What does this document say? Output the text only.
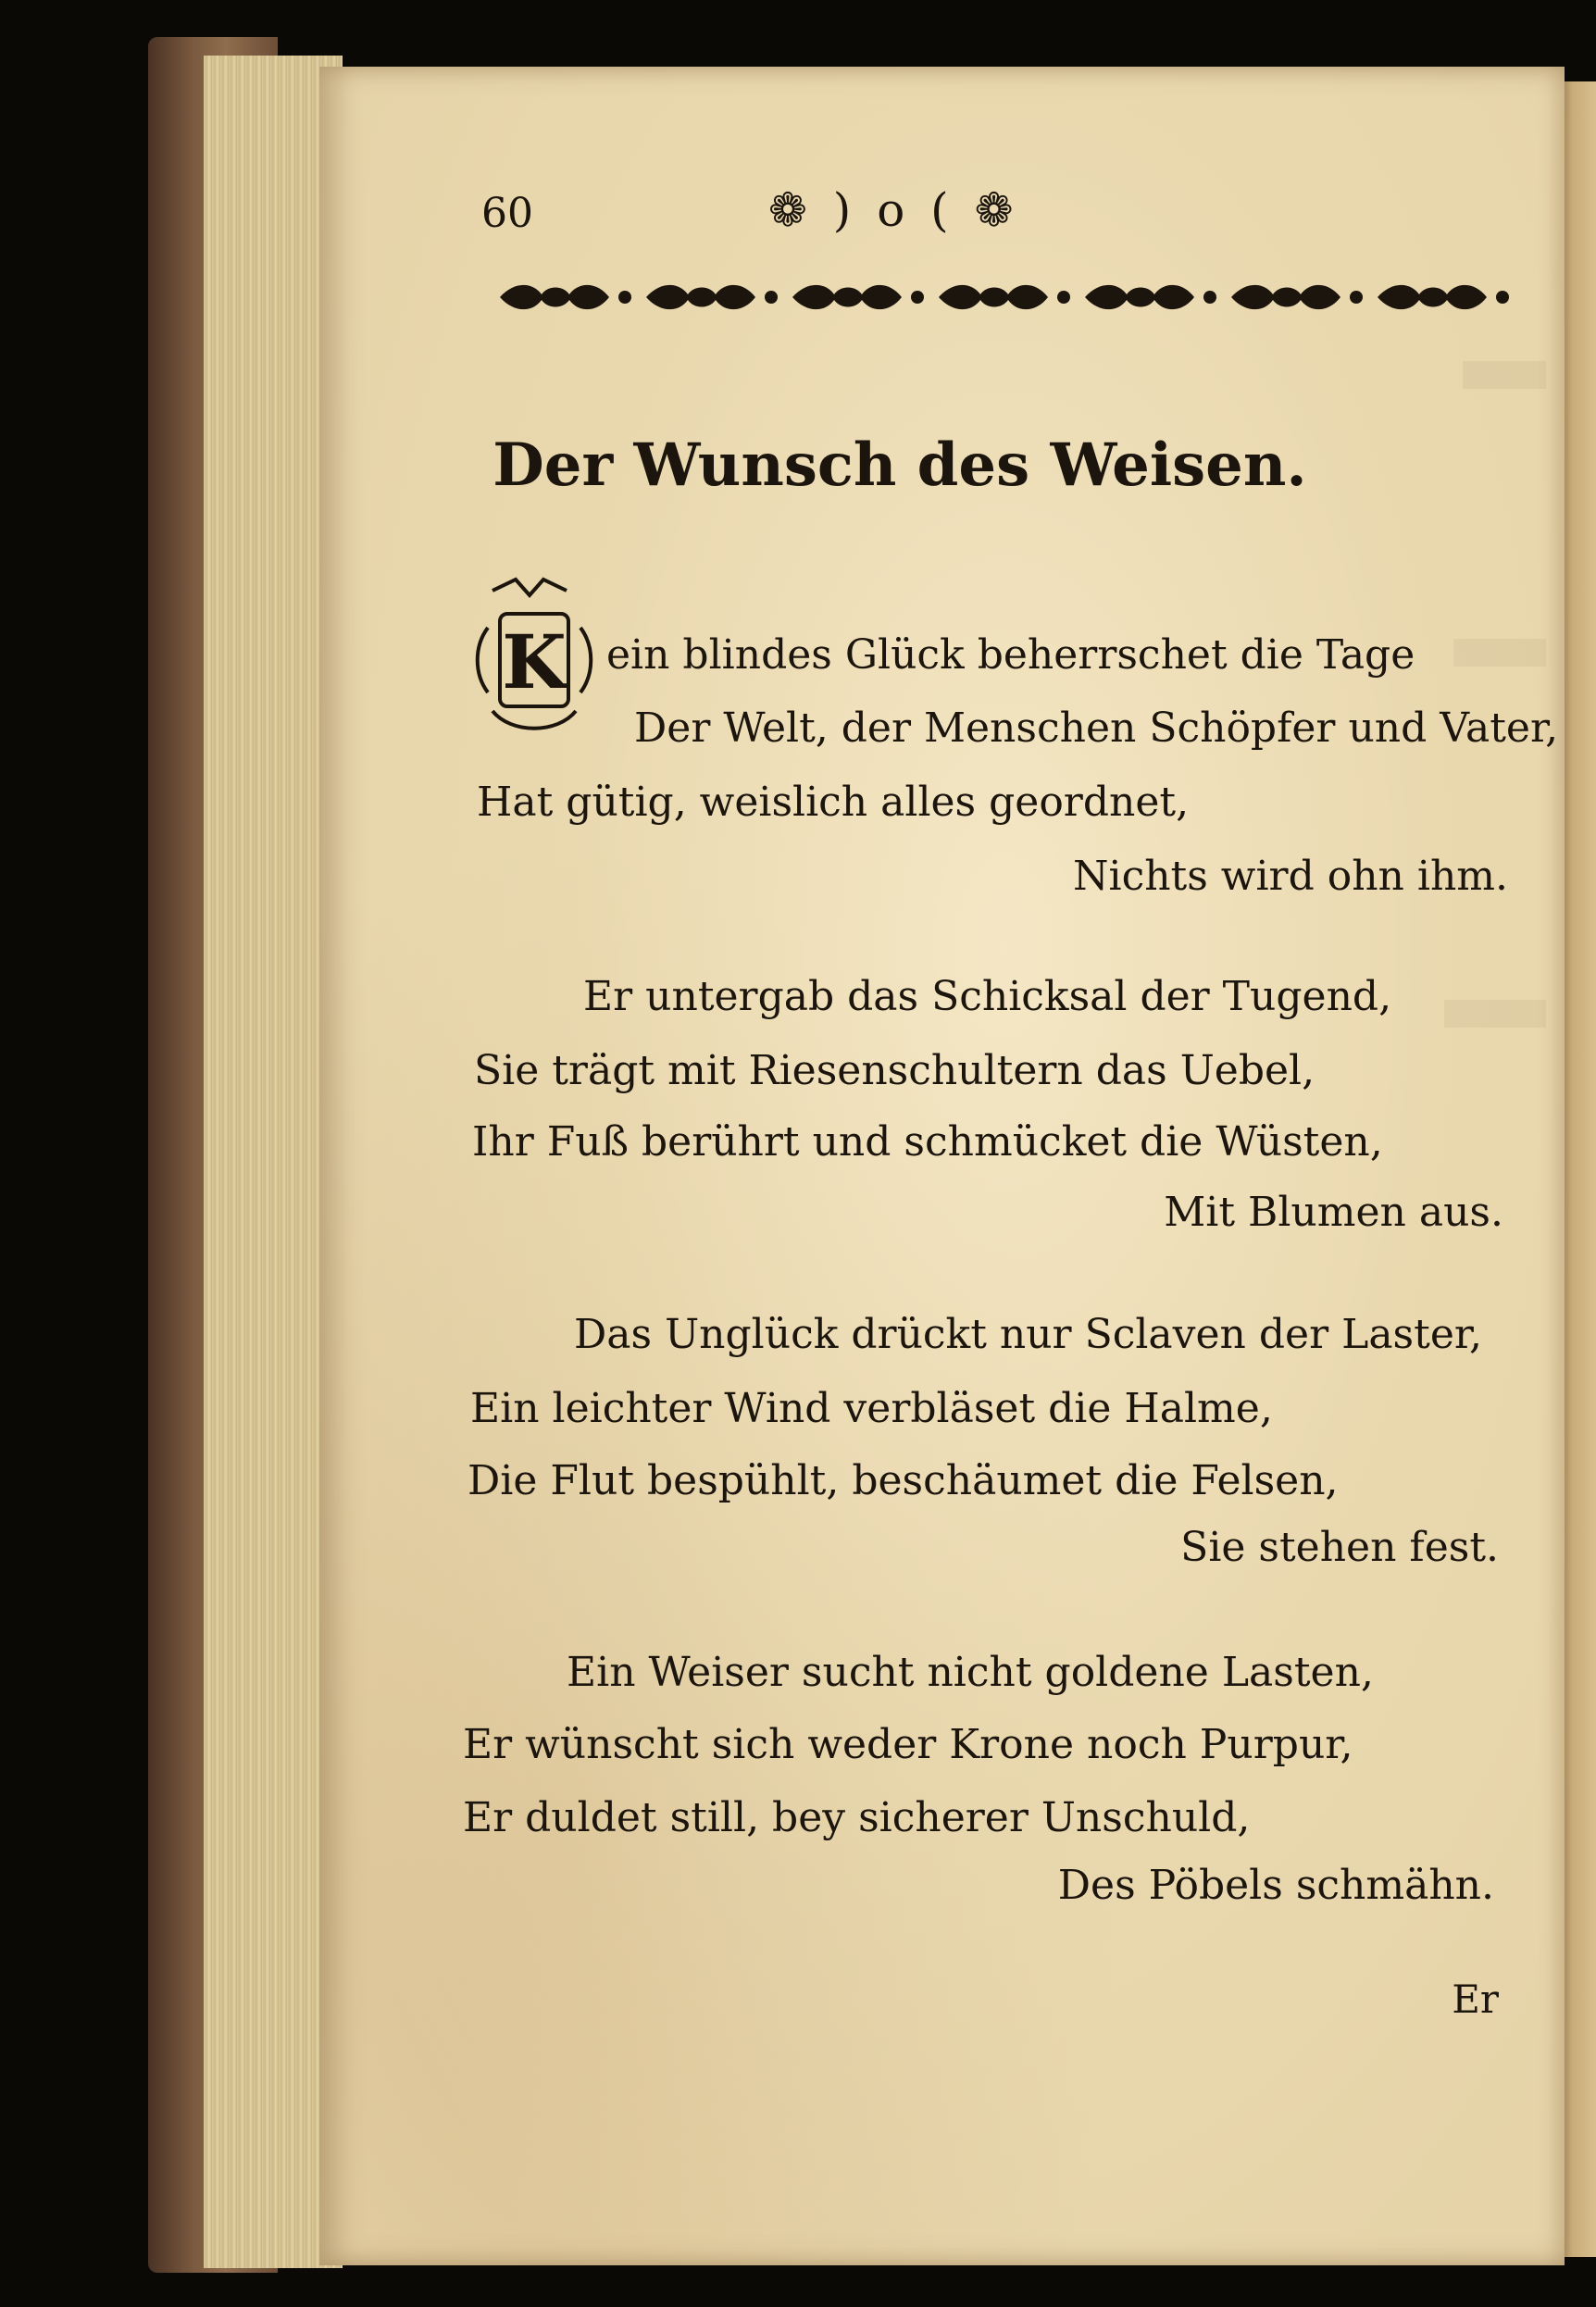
60	❁ ) o ( ❁
Der Wunsch des Weisen.
K ein blindes Glück beherrschet die Tage
Der Welt, der Menschen Schöpfer und Vater,
Hat gütig, weislich alles geordnet,
Nichts wird ohn ihm.
Er untergab das Schicksal der Tugend,
Sie trägt mit Riesenschultern das Uebel,
Ihr Fuß berührt und schmücket die Wüsten,
Mit Blumen aus.
Das Unglück drückt nur Sclaven der Laster,
Ein leichter Wind verbläset die Halme,
Die Flut bespühlt, beschäumet die Felsen,
Sie stehen fest.
Ein Weiser sucht nicht goldene Lasten,
Er wünscht sich weder Krone noch Purpur,
Er duldet still, bey sicherer Unschuld,
Des Pöbels schmähn.
Er
